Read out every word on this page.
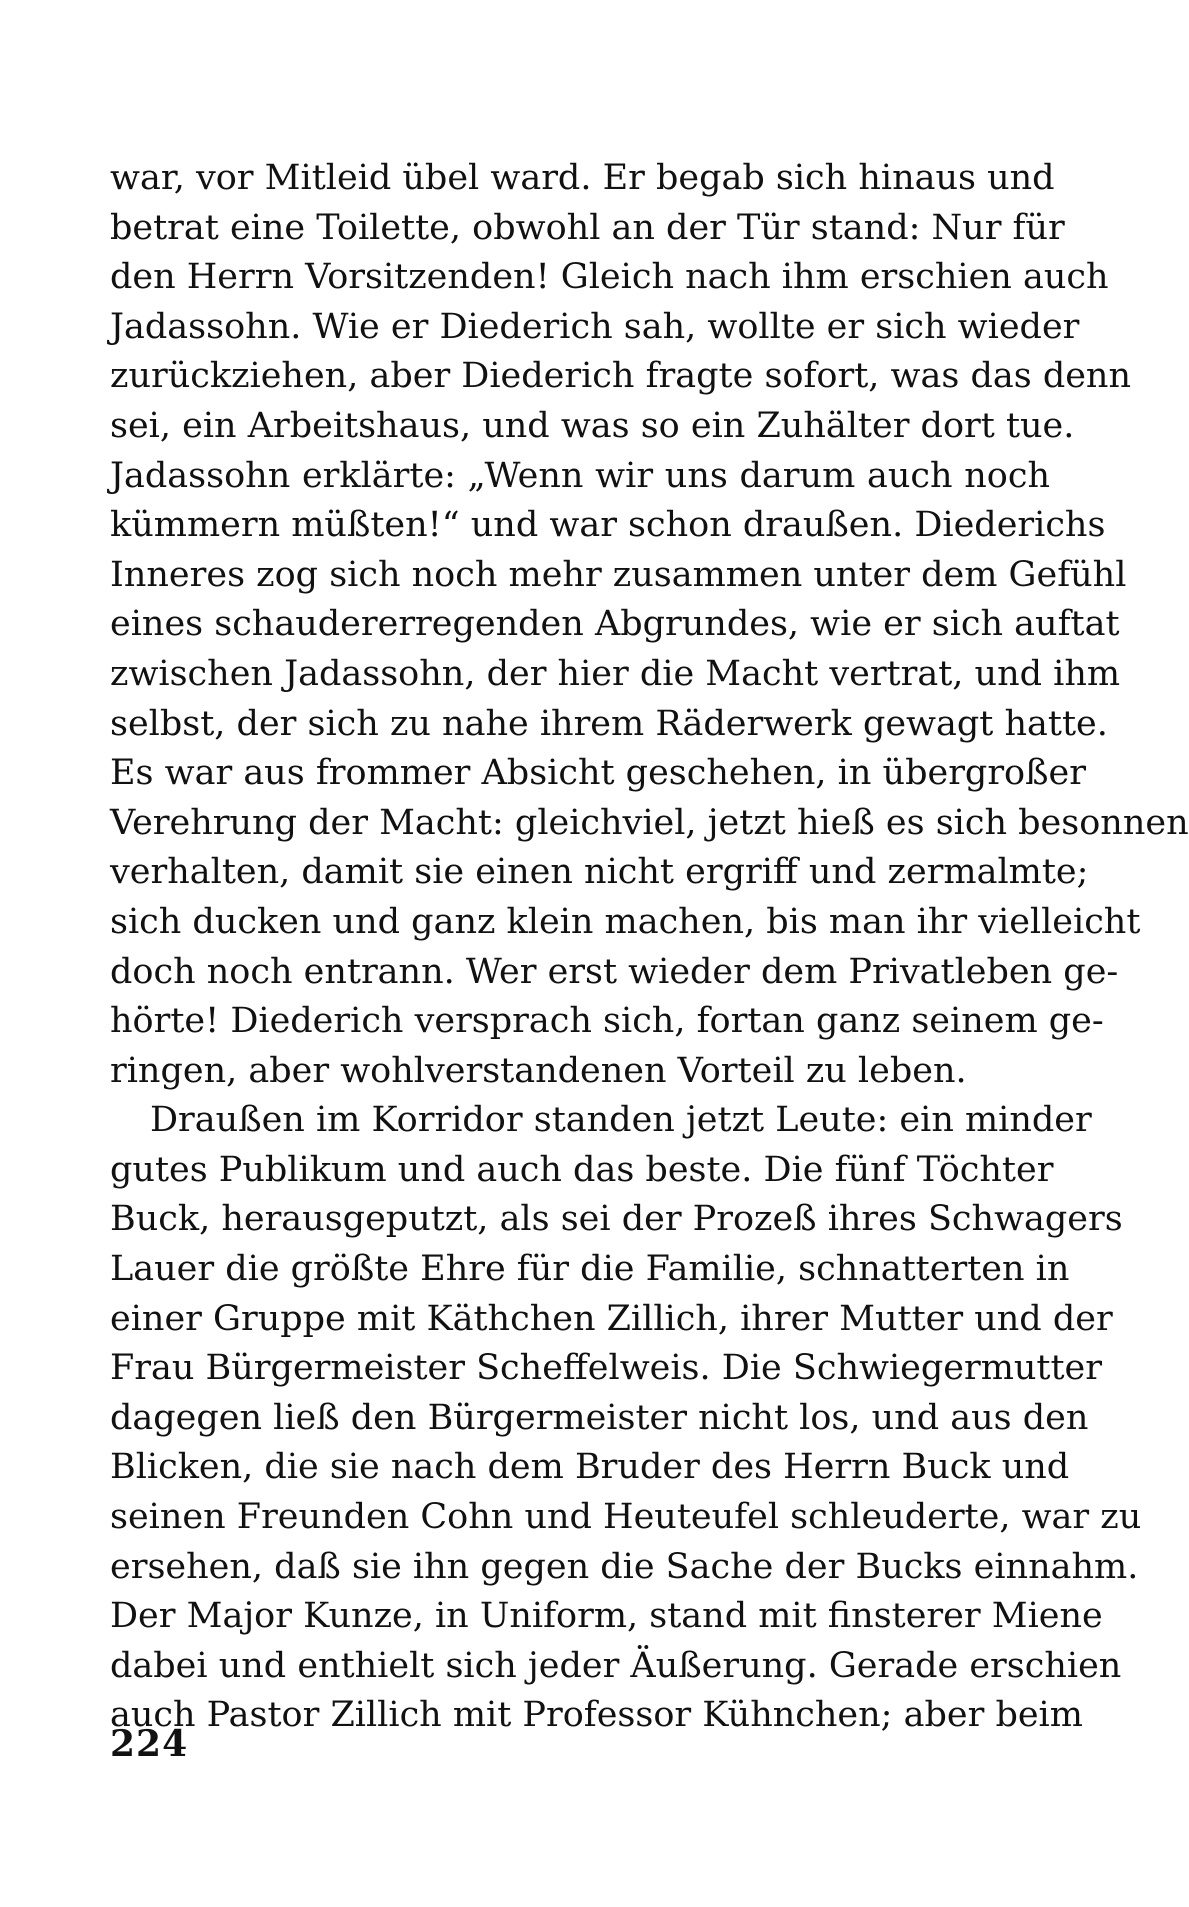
war, vor Mitleid übel ward. Er begab sich hinaus und
betrat eine Toilette, obwohl an der Tür stand: Nur für
den Herrn Vorsitzenden! Gleich nach ihm erschien auch
Jadassohn. Wie er Diederich sah, wollte er sich wieder
zurückziehen, aber Diederich fragte sofort, was das denn
sei, ein Arbeitshaus, und was so ein Zuhälter dort tue.
Jadassohn erklärte: „Wenn wir uns darum auch noch
kümmern müßten!“ und war schon draußen. Diederichs
Inneres zog sich noch mehr zusammen unter dem Gefühl
eines schaudererregenden Abgrundes, wie er sich auftat
zwischen Jadassohn, der hier die Macht vertrat, und ihm
selbst, der sich zu nahe ihrem Räderwerk gewagt hatte.
Es war aus frommer Absicht geschehen, in übergroßer
Verehrung der Macht: gleichviel, jetzt hieß es sich besonnen
verhalten, damit sie einen nicht ergriff und zermalmte;
sich ducken und ganz klein machen, bis man ihr vielleicht
doch noch entrann. Wer erst wieder dem Privatleben ge-
hörte! Diederich versprach sich, fortan ganz seinem ge-
ringen, aber wohlverstandenen Vorteil zu leben.
Draußen im Korridor standen jetzt Leute: ein minder
gutes Publikum und auch das beste. Die fünf Töchter
Buck, herausgeputzt, als sei der Prozeß ihres Schwagers
Lauer die größte Ehre für die Familie, schnatterten in
einer Gruppe mit Käthchen Zillich, ihrer Mutter und der
Frau Bürgermeister Scheffelweis. Die Schwiegermutter
dagegen ließ den Bürgermeister nicht los, und aus den
Blicken, die sie nach dem Bruder des Herrn Buck und
seinen Freunden Cohn und Heuteufel schleuderte, war zu
ersehen, daß sie ihn gegen die Sache der Bucks einnahm.
Der Major Kunze, in Uniform, stand mit finsterer Miene
dabei und enthielt sich jeder Äußerung. Gerade erschien
auch Pastor Zillich mit Professor Kühnchen; aber beim
224
